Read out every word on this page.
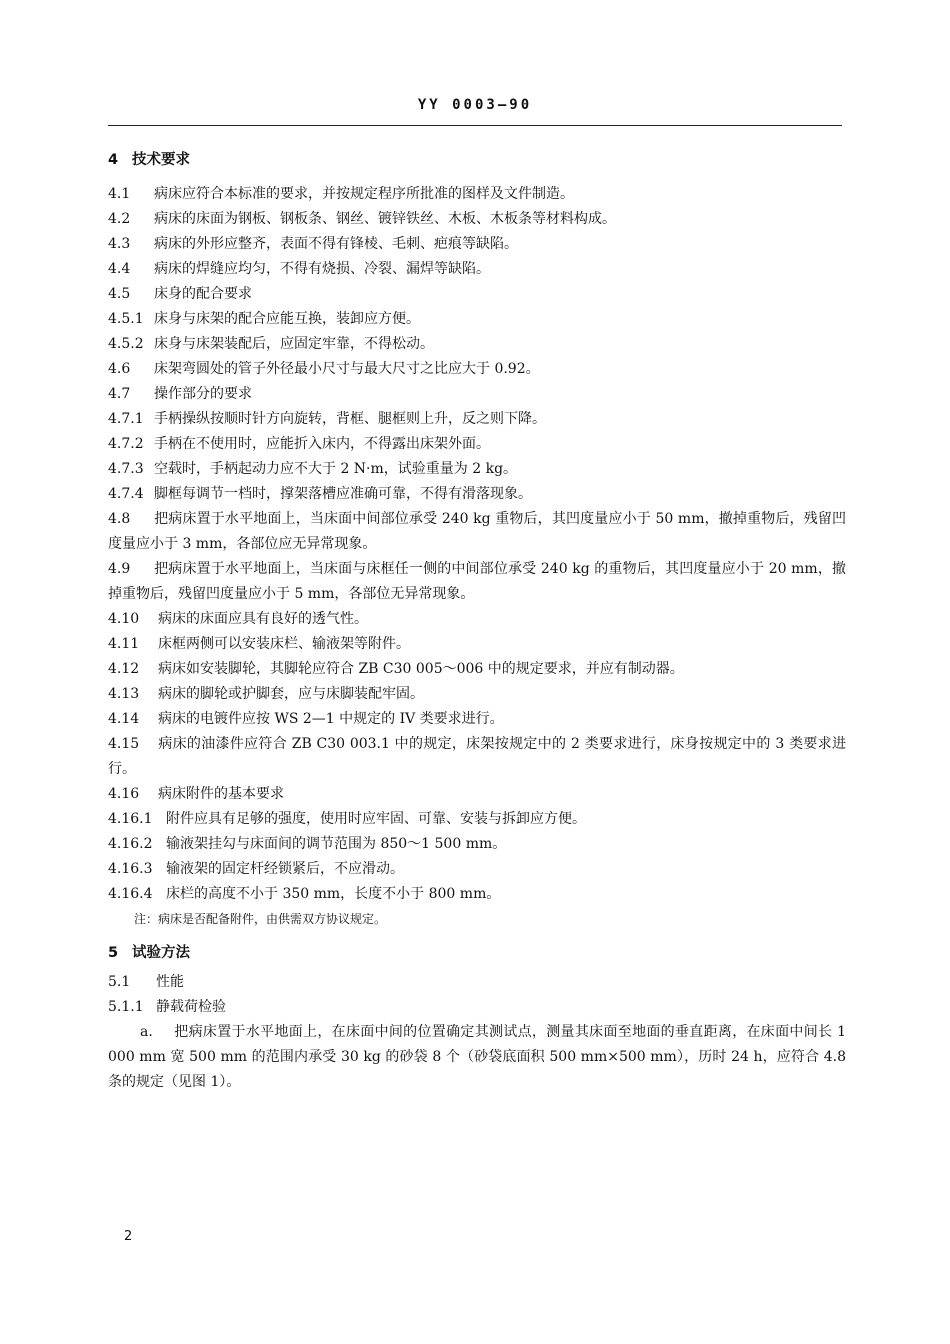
YY 0003—90
4 技术要求
4.1 病床应符合本标准的要求，并按规定程序所批准的图样及文件制造。
4.2 病床的床面为钢板、钢板条、钢丝、镀锌铁丝、木板、木板条等材料构成。
4.3 病床的外形应整齐，表面不得有锋棱、毛刺、疤痕等缺陷。
4.4 病床的焊缝应均匀，不得有烧损、冷裂、漏焊等缺陷。
4.5 床身的配合要求
4.5.1 床身与床架的配合应能互换，装卸应方便。
4.5.2 床身与床架装配后，应固定牢靠，不得松动。
4.6 床架弯圆处的管子外径最小尺寸与最大尺寸之比应大于 0.92。
4.7 操作部分的要求
4.7.1 手柄操纵按顺时针方向旋转，背框、腿框则上升，反之则下降。
4.7.2 手柄在不使用时，应能折入床内，不得露出床架外面。
4.7.3 空载时，手柄起动力应不大于 2 N·m，试验重量为 2 kg。
4.7.4 脚框每调节一档时，撑架落槽应准确可靠，不得有滑落现象。
4.8 把病床置于水平地面上，当床面中间部位承受 240 kg 重物后，其凹度量应小于 50 mm，撤掉重物后，残留凹度量应小于 3 mm，各部位应无异常现象。
4.9 把病床置于水平地面上，当床面与床框任一侧的中间部位承受 240 kg 的重物后，其凹度量应小于 20 mm，撤掉重物后，残留凹度量应小于 5 mm，各部位无异常现象。
4.10 病床的床面应具有良好的透气性。
4.11 床框两侧可以安装床栏、输液架等附件。
4.12 病床如安装脚轮，其脚轮应符合 ZB C30 005～006 中的规定要求，并应有制动器。
4.13 病床的脚轮或护脚套，应与床脚装配牢固。
4.14 病床的电镀件应按 WS 2—1 中规定的 IV 类要求进行。
4.15 病床的油漆件应符合 ZB C30 003.1 中的规定，床架按规定中的 2 类要求进行，床身按规定中的 3 类要求进行。
4.16 病床附件的基本要求
4.16.1 附件应具有足够的强度，使用时应牢固、可靠、安装与拆卸应方便。
4.16.2 输液架挂勾与床面间的调节范围为 850～1 500 mm。
4.16.3 输液架的固定杆经锁紧后，不应滑动。
4.16.4 床栏的高度不小于 350 mm，长度不小于 800 mm。
注：病床是否配备附件，由供需双方协议规定。
5 试验方法
5.1 性能
5.1.1 静载荷检验
a. 把病床置于水平地面上，在床面中间的位置确定其测试点，测量其床面至地面的垂直距离，在床面中间长 1 000 mm 宽 500 mm 的范围内承受 30 kg 的砂袋 8 个（砂袋底面积 500 mm×500 mm），历时 24 h，应符合 4.8 条的规定（见图 1）。
2
